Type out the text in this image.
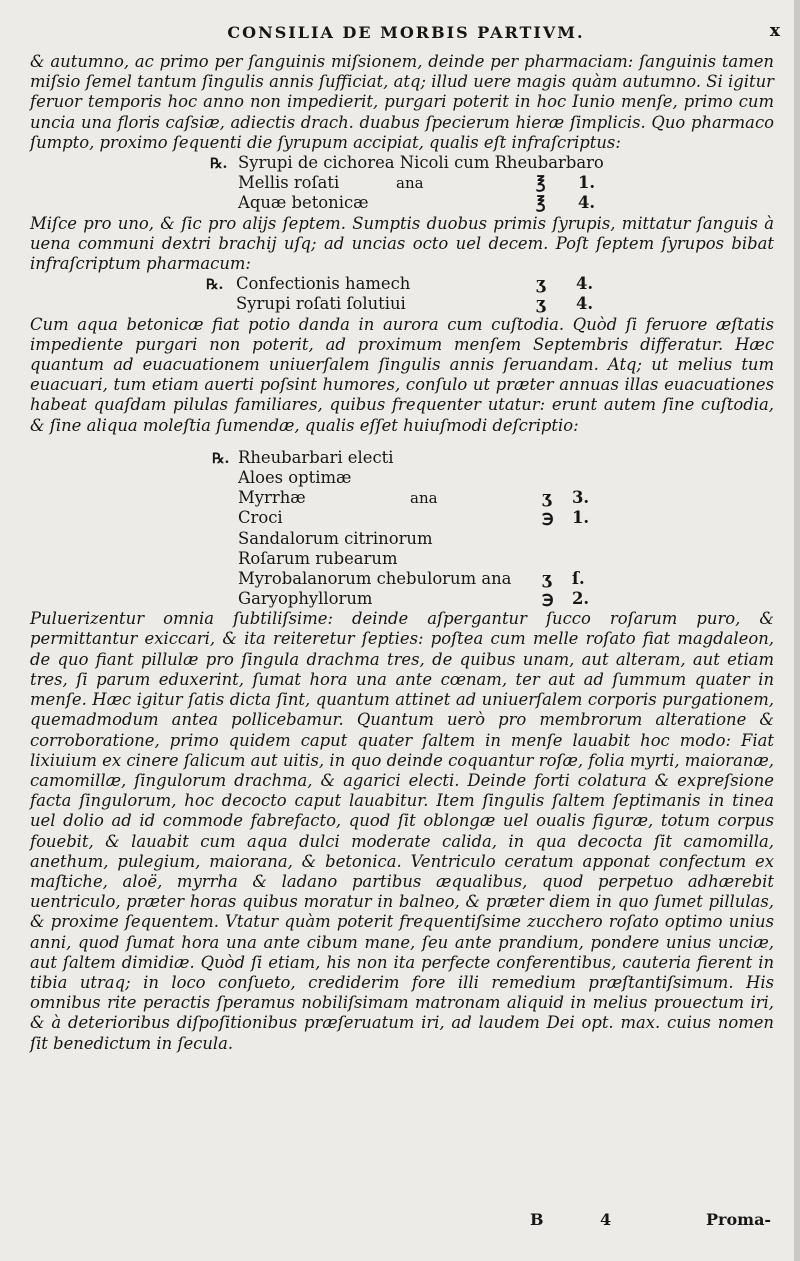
CONSILIA DE MORBIS PARTIVM.	x

& autumno, ac primo per ſanguinis miſsionem, deinde per pharmaciam: ſanguinis tamen miſsio ſemel tantum ſingulis annis ſufficiat, atq; illud uere magis quàm autumno. Si igitur feruor temporis hoc anno non impedierit, purgari poterit in hoc Iunio menſe, primo cum uncia una floris caſsiæ, adiectis drach. duabus ſpecierum hieræ ſimplicis. Quo pharmaco ſumpto, proximo ſequenti die ſyrupum accipiat, qualis eſt infraſcriptus:

℞. Syrupi de cichorea Nicoli cum Rheubarbaro
Mellis roſati	ana	℥ 1.
Aquæ betonicæ	℥ 4.

Miſce pro uno, & ſic pro alijs ſeptem. Sumptis duobus primis ſyrupis, mittatur ſanguis à uena communi dextri brachij uſq; ad uncias octo uel decem. Poſt ſeptem ſyrupos bibat infraſcriptum pharmacum:

℞. Confectionis hamech	ʒ 4.
Syrupi roſati ſolutiui	ʒ 4.

Cum aqua betonicæ fiat potio danda in aurora cum cuſtodia. Quòd ſi feruore æſtatis impediente purgari non poterit, ad proximum menſem Septembris differatur. Hæc quantum ad euacuationem uniuerſalem ſingulis annis ſeruandam. Atq; ut melius tum euacuari, tum etiam auerti poſsint humores, conſulo ut præter annuas illas euacuationes habeat quaſdam pilulas familiares, quibus frequenter utatur: erunt autem ſine cuſtodia, & ſine aliqua moleſtia ſumendæ, qualis eſſet huiuſmodi deſcriptio:

℞. Rheubarbari electi
Aloes optimæ
Myrrhæ	ana	ʒ 3.
Croci	℈ 1.
Sandalorum citrinorum
Roſarum rubearum
Myrobalanorum chebulorum ana ʒ ſ.
Garyophyllorum	℈ 2.

Puluerizentur omnia ſubtiliſsime: deinde aſpergantur ſucco roſarum puro, & permittantur exiccari, & ita reiteretur ſepties: poſtea cum melle roſato fiat magdaleon, de quo fiant pillulæ pro ſingula drachma tres, de quibus unam, aut alteram, aut etiam tres, ſi parum eduxerint, ſumat hora una ante cœnam, ter aut ad ſummum quater in menſe. Hæc igitur ſatis dicta ſint, quantum attinet ad uniuerſalem corporis purgationem, quemadmodum antea pollicebamur. Quantum uerò pro membrorum alteratione & corroboratione, primo quidem caput quater ſaltem in menſe lauabit hoc modo: Fiat lixiuium ex cinere ſalicum aut uitis, in quo deinde coquantur roſæ, folia myrti, maioranæ, camomillæ, ſingulorum drachma, & agarici electi. Deinde forti colatura & expreſsione facta ſingulorum, hoc decocto caput lauabitur. Item ſingulis ſaltem ſeptimanis in tinea uel dolio ad id commode fabrefacto, quod ſit oblongæ uel oualis figuræ, totum corpus fouebit, & lauabit cum aqua dulci moderate calida, in qua decocta ſit camomilla, anethum, pulegium, maiorana, & betonica. Ventriculo ceratum apponat confectum ex maſtiche, aloë, myrrha & ladano partibus æqualibus, quod perpetuo adhærebit uentriculo, præter horas quibus moratur in balneo, & præter diem in quo ſumet pillulas, & proxime ſequentem. Vtatur quàm poterit frequentiſsime zucchero roſato optimo unius anni, quod ſumat hora una ante cibum mane, ſeu ante prandium, pondere unius unciæ, aut ſaltem dimidiæ. Quòd ſi etiam, his non ita perfecte conferentibus, cauteria fierent in tibia utraq; in loco conſueto, crediderim fore illi remedium præſtantiſsimum. His omnibus rite peractis ſperamus nobiliſsimam matronam aliquid in melius prouectum iri, & à deterioribus diſpoſitionibus præſeruatum iri, ad laudem Dei opt. max. cuius nomen ſit benedictum in ſecula.

B	4	Proma-
